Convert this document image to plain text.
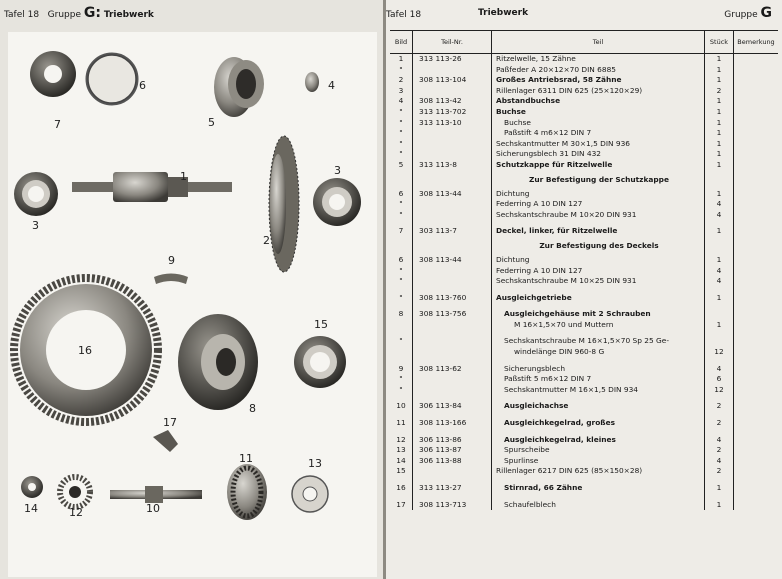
Tafel 18 Gruppe G: Triebwerk
1
2
3
3
4
5
6
7
8
9
10
11
12
13
14
15
16
17
Tafel 18	Triebwerk	Gruppe G
Bild	Teil-Nr.	Teil	Stück	Bemerkung
1	313 113-26	Ritzelwelle, 15 Zähne	1	
"		Paßfeder A 20×12×70 DIN 6885	1	
2	308 113-104	Großes Antriebsrad, 58 Zähne	1	
3		Rillenlager 6311 DIN 625 (25×120×29)	2	
4	308 113-42	Abstandbuchse	1	
"	313 113-702	Buchse	1	
"	313 113-10	Buchse	1	
"		Paßstift 4 m6×12 DIN 7	1	
"		Sechskantmutter M 30×1,5 DIN 936	1	
"		Sicherungsblech 31 DIN 432	1	
5	313 113-8	Schutzkappe für Ritzelwelle	1	
		Zur Befestigung der Schutzkappe		
6	308 113-44	Dichtung	1	
"		Federring A 10 DIN 127	4	
"		Sechskantschraube M 10×20 DIN 931	4	

7	303 113-7	Deckel, linker, für Ritzelwelle	1	
		Zur Befestigung des Deckels		
6	308 113-44	Dichtung	1	
"		Federring A 10 DIN 127	4	
"		Sechskantschraube M 10×25 DIN 931	4	

"	308 113-760	Ausgleichgetriebe	1	

8	308 113-756	Ausgleichgehäuse mit 2 Schrauben		
		M 16×1,5×70 und Muttern	1	

"		Sechskantschraube M 16×1,5×70 Sp 25 Ge-		
		windelänge DIN 960-8 G	12	

9	308 113-62	Sicherungsblech	4	
"		Paßstift 5 m6×12 DIN 7	6	
"		Sechskantmutter M 16×1,5 DIN 934	12	

10	306 113-84	Ausgleichachse	2	

11	308 113-166	Ausgleichkegelrad, großes	2	

12	306 113-86	Ausgleichkegelrad, kleines	4	
13	306 113-87	Spurscheibe	2	
14	306 113-88	Spurlinse	4	
15		Rillenlager 6217 DIN 625 (85×150×28)	2	

16	313 113-27	Stirnrad, 66 Zähne	1	

17	308 113-713	Schaufelblech	1	
